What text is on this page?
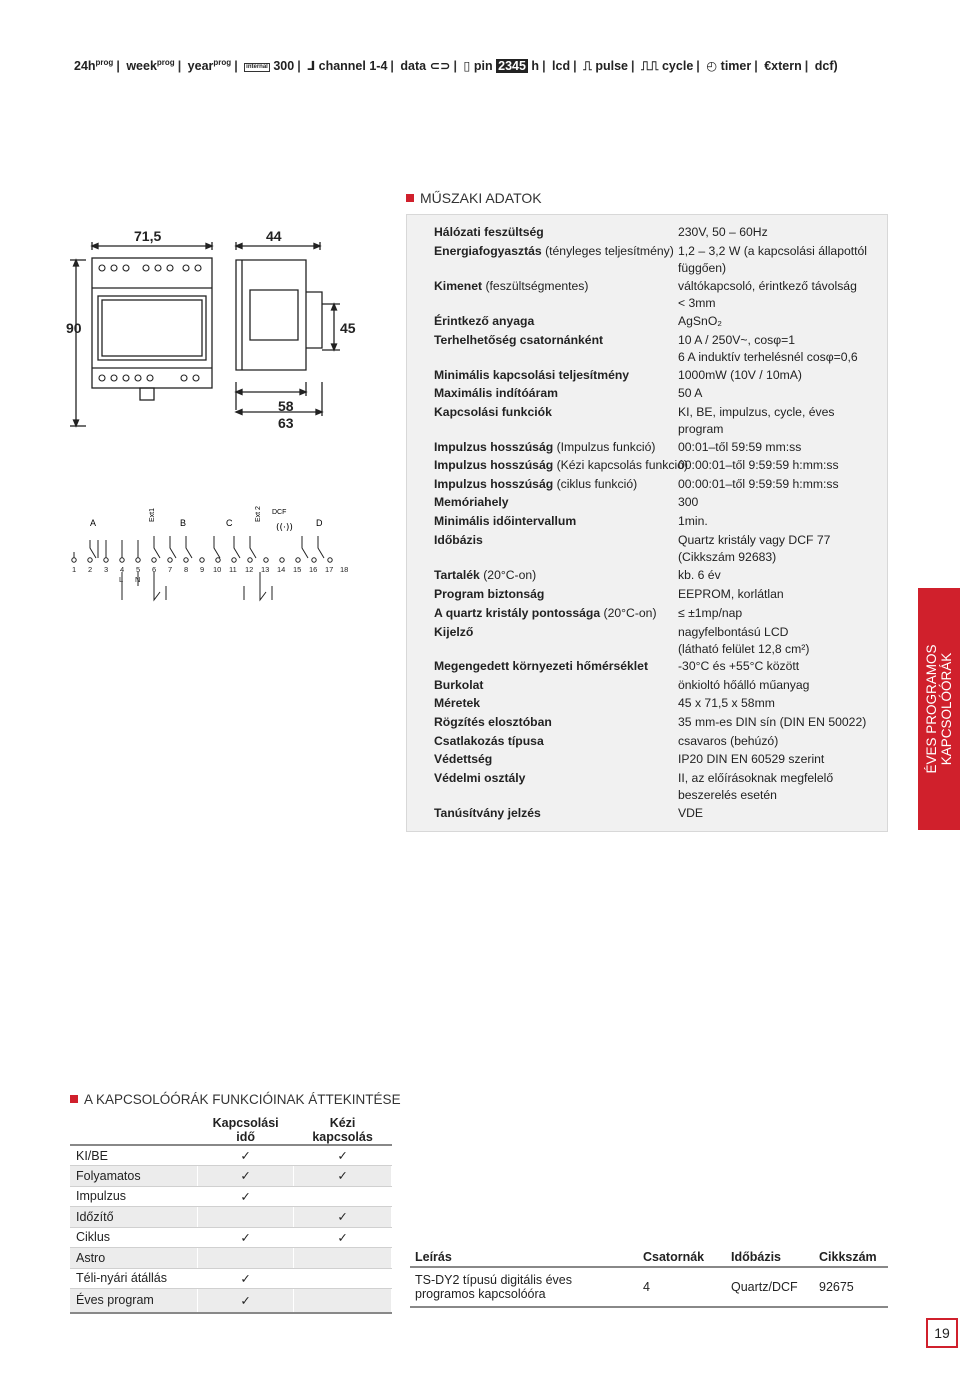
$24h^{prog}$ | week$^{prog}$ | year$^{prog}$ | internal 300 | ⅃ channel 1-4 | data ⊂⊃ | ▯ pin 2345 h | lcd | ⎍ pulse | ⎍⎍ cycle | ◴ timer | €xtern | dcf)
71,5	44
90	45
58
63
A
Ext1
B	C
Ext 2 DCF
((·))	D
1 2 3 4 5 6 7 8 9 10 11 12 13 14 15 16 17 18
L N
MŰSZAKI ADATOK
Hálózati feszültség	230V, 50 – 60Hz
Energiafogyasztás (tényleges teljesítmény) 1,2 – 3,2 W (a kapcsolási állapottól
függően)
Kimenet (feszültségmentes)	váltókapcsoló, érintkező távolság
< 3mm
Érintkező anyaga	AgSnO₂
Terhelhetőség csatornánként	10 A / 250V~, cosφ=1
6 A induktív terhelésnél cosφ=0,6
Minimális kapcsolási teljesítmény	1000mW (10V / 10mA)
Maximális indítóáram	50 A
Kapcsolási funkciók	KI, BE, impulzus, cycle, éves
program
Impulzus hosszúság (Impulzus funkció)	00:01–től 59:59 mm:ss
Impulzus hosszúság (Kézi kapcsolás funkció)
00:00:01–től 9:59:59 h:mm:ss
Impulzus hosszúság (ciklus funkció)	00:00:01–től 9:59:59 h:mm:ss
Memóriahely	300
Minimális időintervallum	1min.
Időbázis	Quartz kristály vagy DCF 77
(Cikkszám 92683)
Tartalék (20°C-on)	kb. 6 év
Program biztonság	EEPROM, korlátlan
A quartz kristály pontossága (20°C-on)	≤ ±1mp/nap
Kijelző	nagyfelbontású LCD
(látható felület 12,8 cm²)
Megengedett környezeti hőmérséklet	-30°C és +55°C között
Burkolat	önkioltó hőálló műanyag
Méretek	45 x 71,5 x 58mm
Rögzítés elosztóban	35 mm-es DIN sín (DIN EN 50022)
Csatlakozás típusa	csavaros (behúzó)
Védettség	IP20 DIN EN 60529 szerint
Védelmi osztály	II, az előírásoknak megfelelő
beszerelés esetén
Tanúsítvány jelzés	VDE
ÉVES PROGRAMOS KAPCSOLÓÓRÁK
A KAPCSOLÓÓRÁK FUNKCIÓINAK ÁTTEKINTÉSE
	Kapcsolási idő	Kézi kapcsolás
KI/BE	✓	✓
Folyamatos	✓	✓
Impulzus	✓	
Időzítő		✓
Ciklus	✓	✓
Astro		
Téli-nyári átállás	✓	
Éves program	✓	
Leírás	Csatornák	Időbázis	Cikkszám

TS-DY2 típusú digitális éves
programos kapcsolóóra	4	Quartz/DCF	92675
19
